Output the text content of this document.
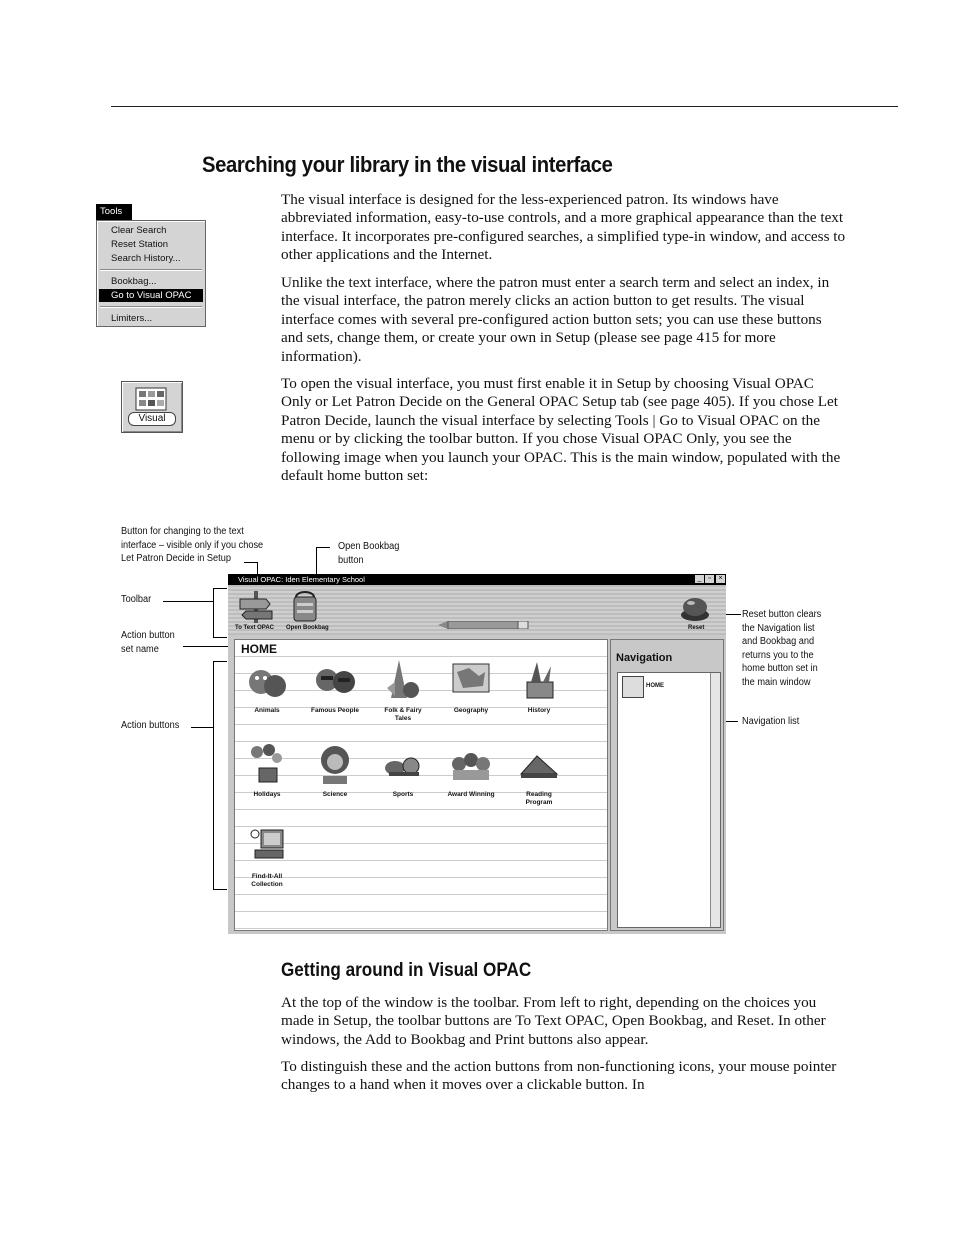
Searching your library in the visual interface

The visual interface is designed for the less-experienced patron. Its windows have abbreviated information, easy-to-use controls, and a more graphical appearance than the text interface. It incorporates pre-configured searches, a simplified type-in window, and access to other applications and the Internet.

Unlike the text interface, where the patron must enter a search term and select an index, in the visual interface, the patron merely clicks an action button to get results. The visual interface comes with several pre-configured action button sets; you can use these buttons and sets, change them, or create your own in Setup (please see page 415 for more information).

To open the visual interface, you must first enable it in Setup by choosing Visual OPAC Only or Let Patron Decide on the General OPAC Setup tab (see page 405). If you chose Let Patron Decide, launch the visual interface by selecting Tools | Go to Visual OPAC on the menu or by clicking the toolbar button. If you chose Visual OPAC Only, you see the following image when you launch your OPAC. This is the main window, populated with the default home button set:

Tools
Clear Search
Reset Station
Search History...
Bookbag...
Go to Visual OPAC
Limiters...
Visual
Button for changing to the text
interface – visible only if you chose
Let Patron Decide in Setup
Open Bookbag
button
Toolbar
Action button
set name
Action buttons
Reset button clears
the Navigation list
and Bookbag and
returns you to the
home button set in
the main window
Navigation list
Visual OPAC: Iden Elementary School	_ ▫	×
To Text OPAC Open Bookbag	Reset
HOME
Animals	Famous People	Folk & Fairy
Tales
Geography	History
Holidays	Science	Sports	Award Winning	Reading
Program
Find-It-All
Collection
Navigation
HOME
Getting around in Visual OPAC

At the top of the window is the toolbar. From left to right, depending on the choices you made in Setup, the toolbar buttons are To Text OPAC, Open Bookbag, and Reset. In other windows, the Add to Bookbag and Print buttons also appear.

To distinguish these and the action buttons from non-functioning icons, your mouse pointer changes to a hand when it moves over a clickable button. In
